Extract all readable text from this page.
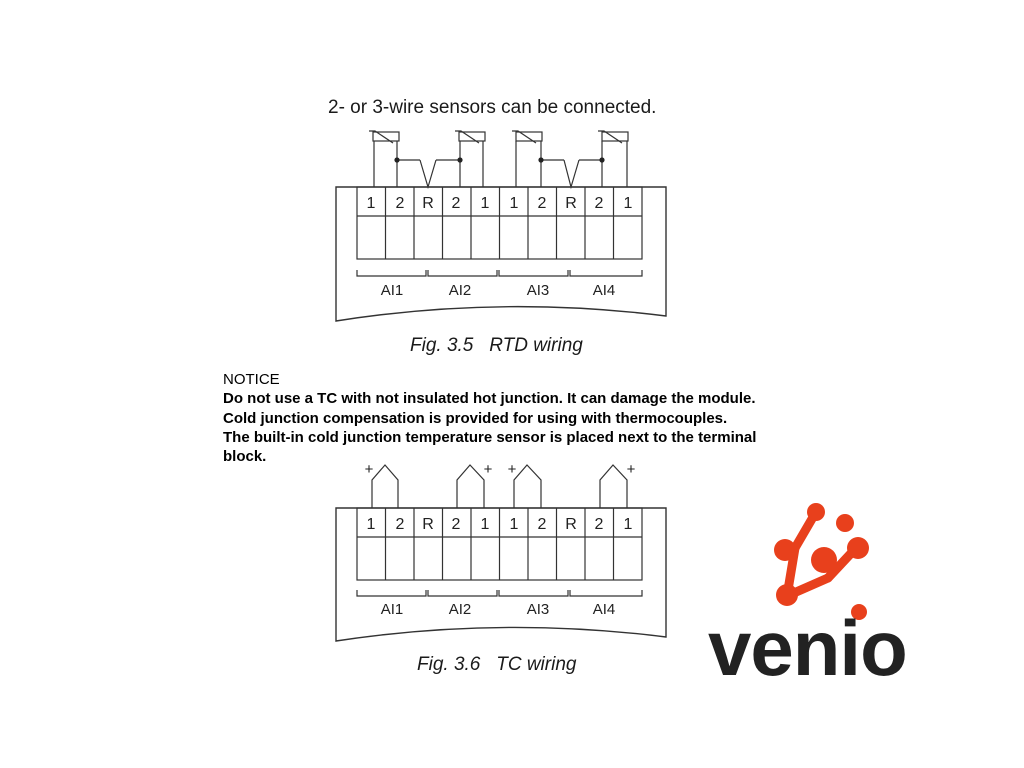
2- or 3-wire sensors can be connected.
1 2 R 2 1 1 2 R 2 1
AI1	AI2	AI3	AI4
Fig. 3.5 RTD wiring
NOTICE
Do not use a TC with not insulated hot junction. It can damage the module.
Cold junction compensation is provided for using with thermocouples.
The built-in cold junction temperature sensor is placed next to the terminal
block.
+	+ +	+
1 2 R 2 1 1 2 R 2 1
AI1	AI2	AI3	AI4
Fig. 3.6 TC wiring venio
